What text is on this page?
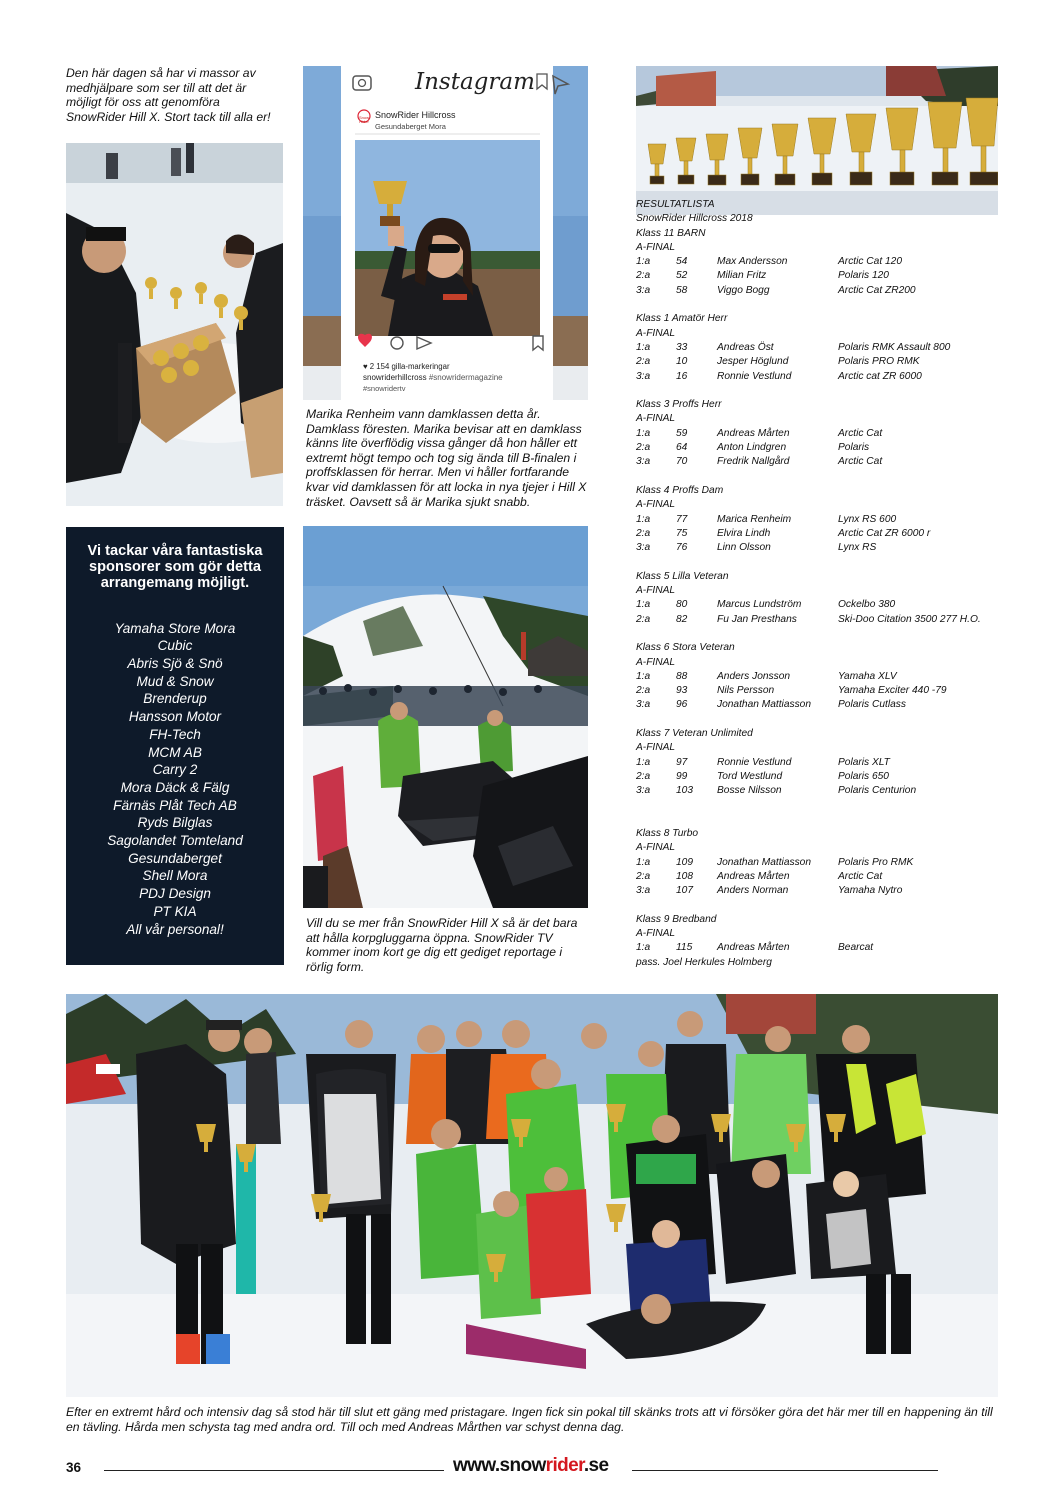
Den här dagen så har vi massor av medhjälpare som ser till att det är möjligt för oss att genomföra SnowRider Hill X. Stort tack till alla er!

Vi tackar våra fantastiska sponsorer som gör detta arrangemang möjligt.
Yamaha Store Mora
Cubic
Abris Sjö & Snö
Mud & Snow
Brenderup
Hansson Motor
FH-Tech
MCM AB
Carry 2
Mora Däck & Fälg
Färnäs Plåt Tech AB
Ryds Bilglas
Sagolandet Tomteland
Gesundaberget
Shell Mora
PDJ Design
PT KIA
All vår personal!
Instagram
Snow Rider
SnowRider Hillcross
Gesundaberget Mora
♥ 2 154 gilla-markeringar
snowriderhillcross #snowridermagazine
#snowridertv

Marika Renheim vann damklassen detta år. Damklass föresten. Marika bevisar att en damklass känns lite överflödig vissa gånger då hon håller ett extremt högt tempo och tog sig ända till B-finalen i proffsklassen för herrar. Men vi håller fortfarande kvar vid damklassen för att locka in nya tjejer i Hill X träsket. Oavsett så är Marika sjukt snabb.

Vill du se mer från SnowRider Hill X så är det bara att hålla korpgluggarna öppna. SnowRider TV kommer inom kort ge dig ett gediget reportage i rörlig form.

RESULTATLISTA
SnowRider Hillcross 2018
Klass 11 BARN
A-FINAL
1:a	54	Max Andersson	Arctic Cat 120
2:a	52	Milian Fritz	Polaris 120
3:a	58	Viggo Bogg	Arctic Cat ZR200
Klass 1 Amatör Herr
A-FINAL
1:a	33	Andreas Öst	Polaris RMK Assault 800
2:a	10	Jesper Höglund	Polaris PRO RMK
3:a	16	Ronnie Vestlund	Arctic cat ZR 6000
Klass 3 Proffs Herr
A-FINAL
1:a	59	Andreas Mårten	Arctic Cat
2:a	64	Anton Lindgren	Polaris
3:a	70	Fredrik Nallgård	Arctic Cat
Klass 4 Proffs Dam
A-FINAL
1:a	77	Marica Renheim	Lynx RS 600
2:a	75	Elvira Lindh	Arctic Cat ZR 6000 r
3:a	76	Linn Olsson	Lynx RS
Klass 5 Lilla Veteran
A-FINAL
1:a	80	Marcus Lundström	Ockelbo 380
2:a	82	Fu Jan Presthans	Ski-Doo Citation 3500 277 H.O.
Klass 6 Stora Veteran
A-FINAL
1:a	88	Anders Jonsson	Yamaha XLV
2:a	93	Nils Persson	Yamaha Exciter 440 -79
3:a	96	Jonathan Mattiasson	Polaris Cutlass
Klass 7 Veteran Unlimited
A-FINAL
1:a	97	Ronnie Vestlund	Polaris XLT
2:a	99	Tord Westlund	Polaris 650
3:a	103 Bosse Nilsson	Polaris Centurion
Klass 8 Turbo
A-FINAL
1:a	109 Jonathan Mattiasson	Polaris Pro RMK
2:a	108 Andreas Mårten	Arctic Cat
3:a	107 Anders Norman	Yamaha Nytro
Klass 9 Bredband
A-FINAL
1:a	115 Andreas Mårten	Bearcat
pass. Joel Herkules Holmberg

Efter en extremt hård och intensiv dag så stod här till slut ett gäng med pristagare. Ingen fick sin pokal till skänks trots att vi försöker göra det här mer till en happening än till en tävling. Hårda men schysta tag med andra ord. Till och med Andreas Mårthen var schyst denna dag.

36	www.snowrider.se
